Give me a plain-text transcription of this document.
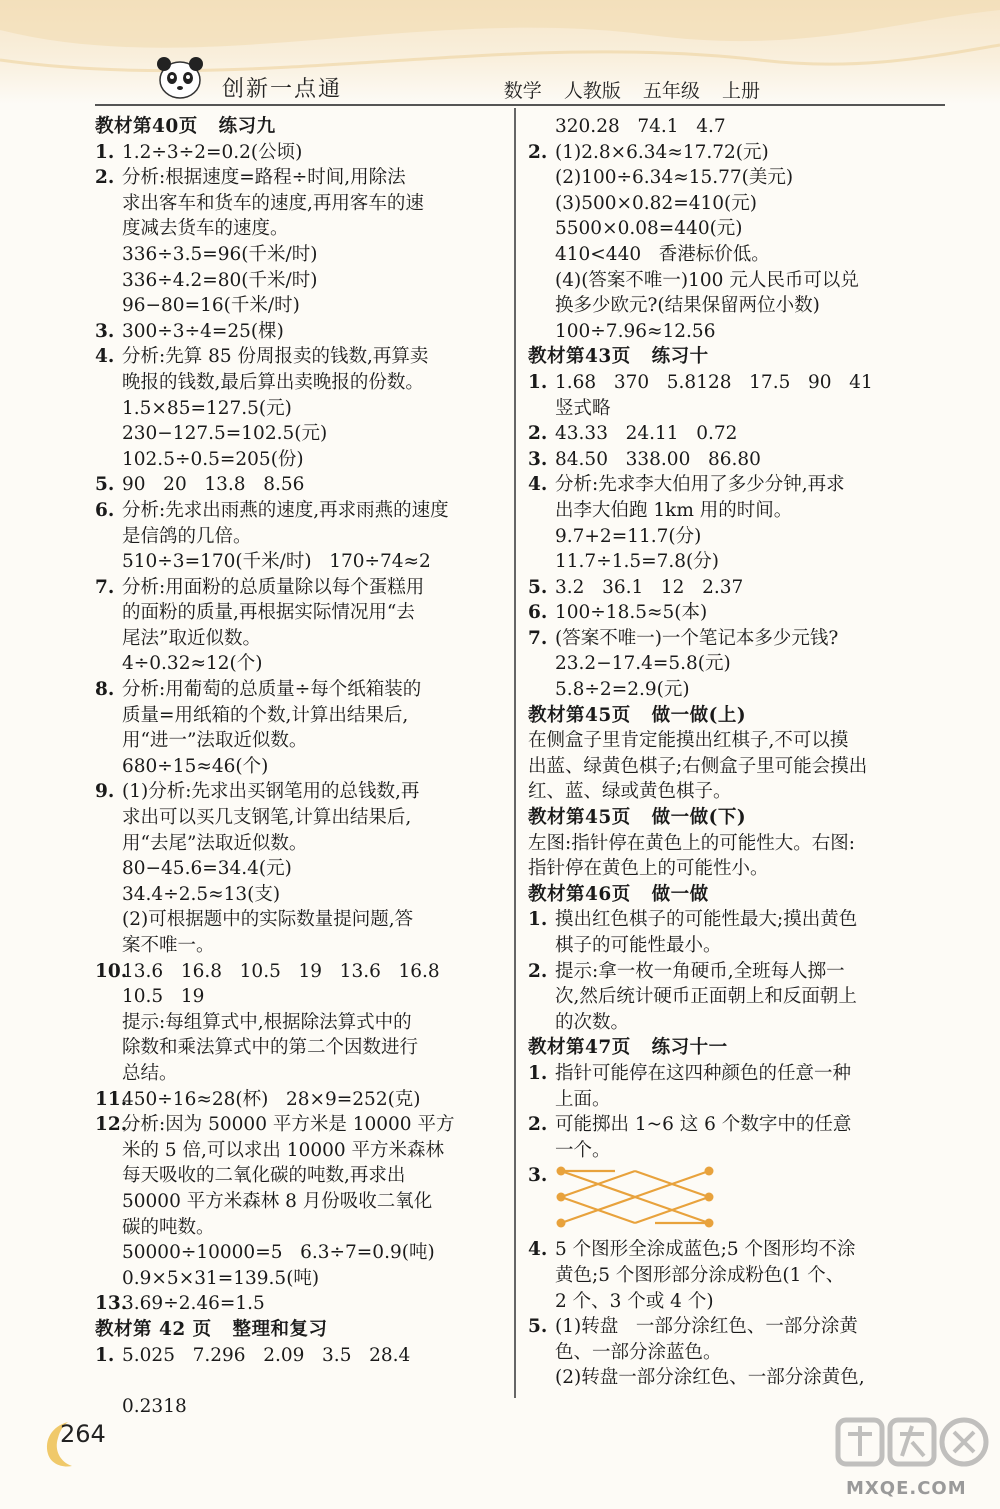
创新一点通	数学 人教版 五年级 上册
教材第40页   练习九
1. 1.2÷3÷2=0.2(公顷)
2. 分析:根据速度=路程÷时间,用除法
求出客车和货车的速度,再用客车的速
度减去货车的速度。
336÷3.5=96(千米/时)
336÷4.2=80(千米/时)
96−80=16(千米/时)
3. 300÷3÷4=25(棵)
4. 分析:先算 85 份周报卖的钱数,再算卖
晚报的钱数,最后算出卖晚报的份数。
1.5×85=127.5(元)
230−127.5=102.5(元)
102.5÷0.5=205(份)
5. 90   20   13.8   8.56
6. 分析:先求出雨燕的速度,再求雨燕的速度
是信鸽的几倍。
510÷3=170(千米/时)   170÷74≈2
7. 分析:用面粉的总质量除以每个蛋糕用
的面粉的质量,再根据实际情况用“去
尾法”取近似数。
4÷0.32≈12(个)
8. 分析:用葡萄的总质量÷每个纸箱装的
质量=用纸箱的个数,计算出结果后,
用“进一”法取近似数。
680÷15≈46(个)
9. (1)分析:先求出买钢笔用的总钱数,再
求出可以买几支钢笔,计算出结果后,
用“去尾”法取近似数。
80−45.6=34.4(元)
34.4÷2.5≈13(支)
(2)可根据题中的实际数量提问题,答
案不唯一。
10.
13.6   16.8   10.5   19   13.6   16.8
10.5   19
提示:每组算式中,根据除法算式中的
除数和乘法算式中的第二个因数进行
总结。
11.
450÷16≈28(杯)   28×9=252(克)
12.
分析:因为 50000 平方米是 10000 平方
米的 5 倍,可以求出 10000 平方米森林
每天吸收的二氧化碳的吨数,再求出
50000 平方米森林 8 月份吸收二氧化
碳的吨数。
50000÷10000=5   6.3÷7=0.9(吨)
0.9×5×31=139.5(吨)
13.
3.69÷2.46=1.5
教材第 42 页   整理和复习
1. 5.025   7.296   2.09   3.5   28.4
0.2318
320.28   74.1   4.7
2. (1)2.8×6.34≈17.72(元)
(2)100÷6.34≈15.77(美元)
(3)500×0.82=410(元)
5500×0.08=440(元)
410<440   香港标价低。
(4)(答案不唯一)100 元人民币可以兑
换多少欧元?(结果保留两位小数)
100÷7.96≈12.56
教材第43页   练习十
1. 1.68   370   5.8128   17.5   90   41
竖式略
2. 43.33   24.11   0.72
3. 84.50   338.00   86.80
4. 分析:先求李大伯用了多少分钟,再求
出李大伯跑 1km 用的时间。
9.7+2=11.7(分)
11.7÷1.5=7.8(分)
5. 3.2   36.1   12   2.37
6. 100÷18.5≈5(本)
7. (答案不唯一)一个笔记本多少元钱?
23.2−17.4=5.8(元)
5.8÷2=2.9(元)
教材第45页   做一做(上)
在侧盒子里肯定能摸出红棋子,不可以摸
出蓝、绿黄色棋子;右侧盒子里可能会摸出
红、蓝、绿或黄色棋子。
教材第45页   做一做(下)
左图:指针停在黄色上的可能性大。右图:
指针停在黄色上的可能性小。
教材第46页   做一做
1. 摸出红色棋子的可能性最大;摸出黄色
棋子的可能性最小。
2. 提示:拿一枚一角硬币,全班每人掷一
次,然后统计硬币正面朝上和反面朝上
的次数。
教材第47页   练习十一
1. 指针可能停在这四种颜色的任意一种
上面。
2. 可能掷出 1~6 这 6 个数字中的任意
一个。
3.
4. 5 个图形全涂成蓝色;5 个图形均不涂
黄色;5 个图形部分涂成粉色(1 个、
2 个、3 个或 4 个)
5. (1)转盘   一部分涂红色、一部分涂黄
色、一部分涂蓝色。
(2)转盘一部分涂红色、一部分涂黄色,
264
MXQE.COM
